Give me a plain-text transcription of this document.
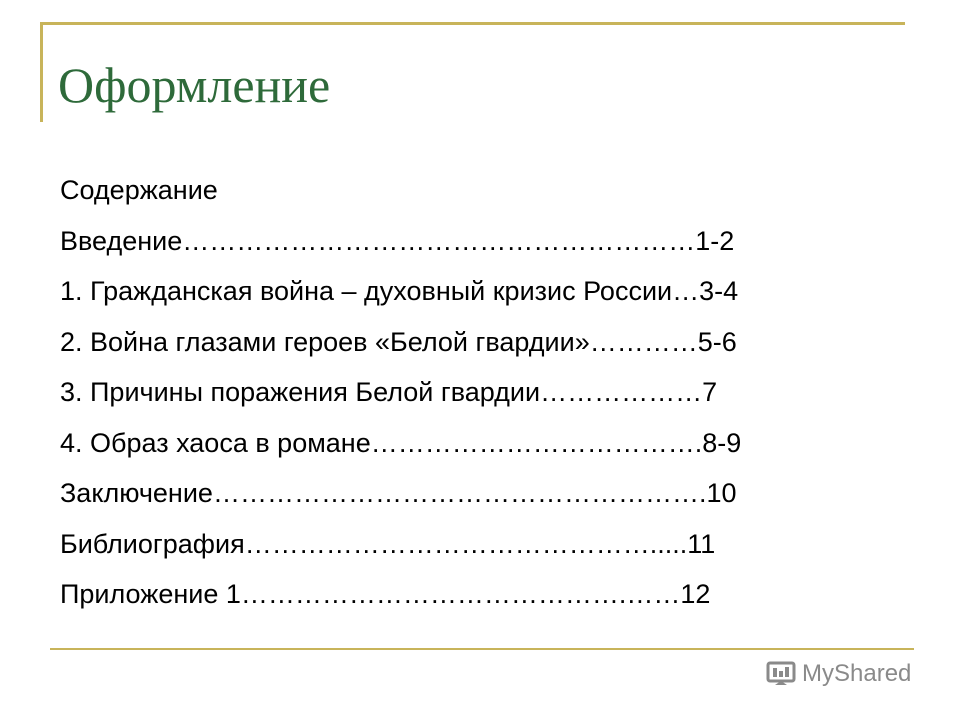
Оформление
Содержание
Введение…………………………………………………1-2
1. Гражданская война – духовный кризис России…3-4
2. Война глазами героев «Белой гвардии»…………5-6
3. Причины поражения Белой гвардии………………7
4. Образ хаоса в романе……………………………….8-9
Заключение……………………………………………….10
Библиография……………………………………….....11
Приложение 1…………………………………….……12
MyShared
